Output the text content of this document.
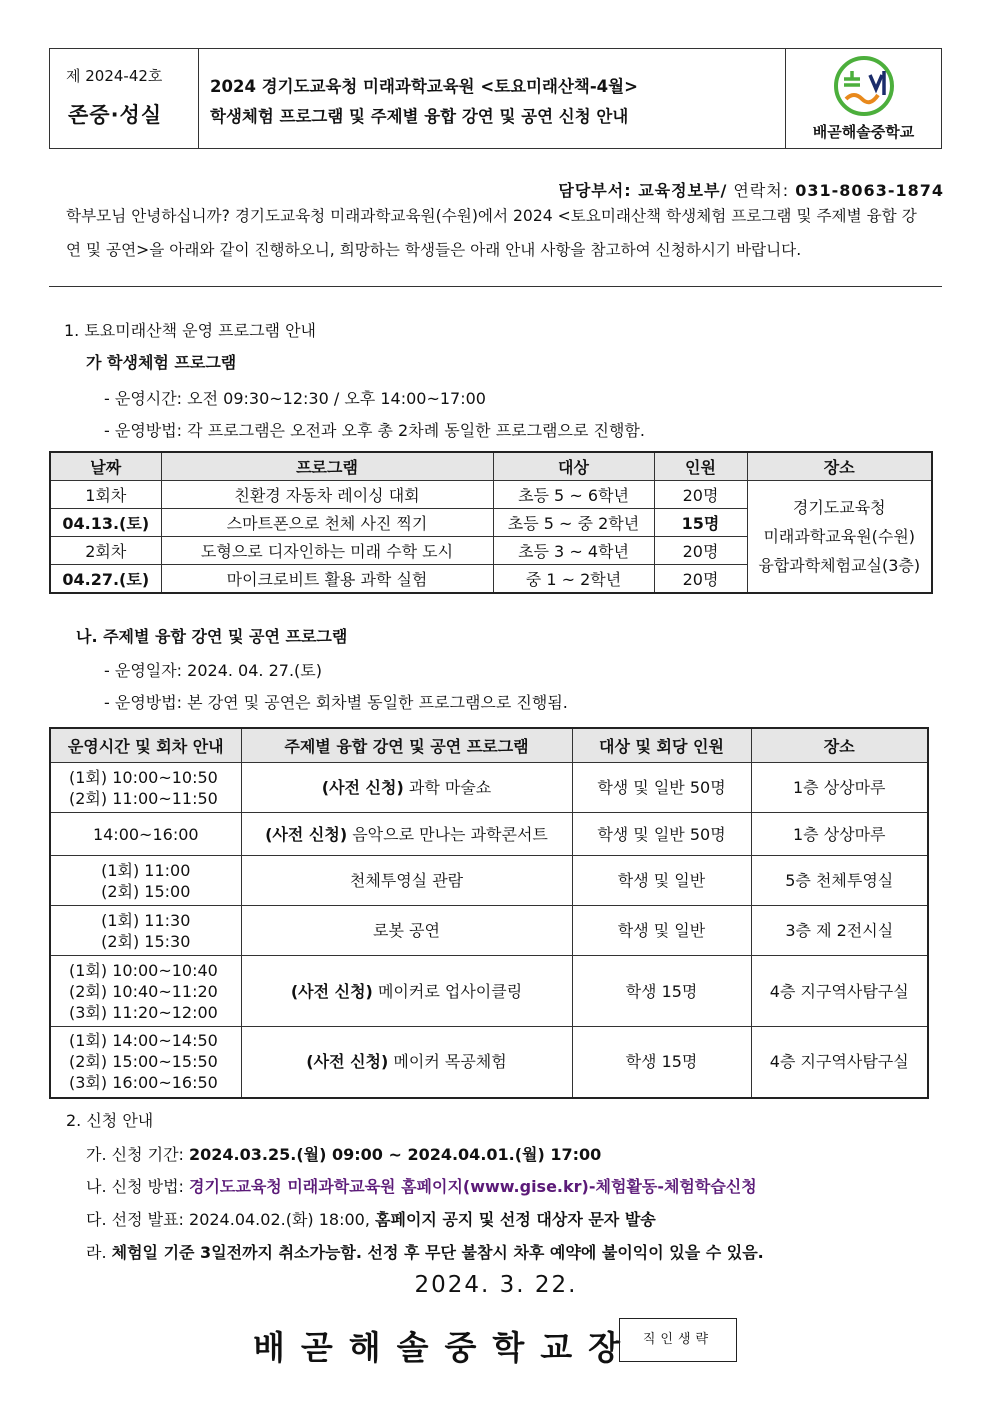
제 2024-42호
존중·성실
2024 경기도교육청 미래과학교육원 <토요미래산책-4월>
학생체험 프로그램 및 주제별 융합 강연 및 공연 신청 안내
배곧해솔중학교
담당부서: 교육정보부/ 연락처: 031-8063-1874
학부모님 안녕하십니까? 경기도교육청 미래과학교육원(수원)에서 2024 <토요미래산책 학생체험 프로그램 및 주제별 융합 강연 및 공연>을 아래와 같이 진행하오니, 희망하는 학생들은 아래 안내 사항을 참고하여 신청하시기 바랍니다.
1. 토요미래산책 운영 프로그램 안내
가 학생체험 프로그램
- 운영시간: 오전 09:30~12:30 / 오후 14:00~17:00
- 운영방법: 각 프로그램은 오전과 오후 총 2차례 동일한 프로그램으로 진행함.
날짜	프로그램	대상	인원	장소
1회차	친환경 자동차 레이싱 대회	초등 5 ~ 6학년	20명	경기도교육청
미래과학교육원(수원)
융합과학체험교실(3층)

04.13.(토)	스마트폰으로 천체 사진 찍기	초등 5 ~ 중 2학년	15명	
2회차	도형으로 디자인하는 미래 수학 도시	초등 3 ~ 4학년	20명	
04.27.(토)	마이크로비트 활용 과학 실험	중 1 ~ 2학년	20명	
나. 주제별 융합 강연 및 공연 프로그램
- 운영일자: 2024. 04. 27.(토)
- 운영방법: 본 강연 및 공연은 회차별 동일한 프로그램으로 진행됨.
운영시간 및 회차 안내	주제별 융합 강연 및 공연 프로그램	대상 및 회당 인원	장소

(1회) 10:00~10:50
(2회) 11:00~11:50	(사전 신청) 과학 마술쇼	학생 및 일반 50명	1층 상상마루

14:00~16:00	(사전 신청) 음악으로 만나는 과학콘서트	학생 및 일반 50명	1층 상상마루

(1회) 11:00
(2회) 15:00	천체투영실 관람	학생 및 일반	5층 천체투영실

(1회) 11:30
(2회) 15:30	로봇 공연	학생 및 일반	3층 제 2전시실

(1회) 10:00~10:40
(2회) 10:40~11:20
(3회) 11:20~12:00	(사전 신청) 메이커로 업사이클링	학생 15명	4층 지구역사탐구실

(1회) 14:00~14:50
(2회) 15:00~15:50
(3회) 16:00~16:50	(사전 신청) 메이커 목공체험	학생 15명	4층 지구역사탐구실
2. 신청 안내
가. 신청 기간: 2024.03.25.(월) 09:00 ~ 2024.04.01.(월) 17:00
나. 신청 방법: 경기도교육청 미래과학교육원 홈페이지(www.gise.kr)-체험활동-체험학습신청
다. 선정 발표: 2024.04.02.(화) 18:00, 홈페이지 공지 및 선정 대상자 문자 발송
라. 체험일 기준 3일전까지 취소가능함. 선정 후 무단 불참시 차후 예약에 불이익이 있을 수 있음.
2024. 3. 22.
배곧해솔중학교장 직인생략
